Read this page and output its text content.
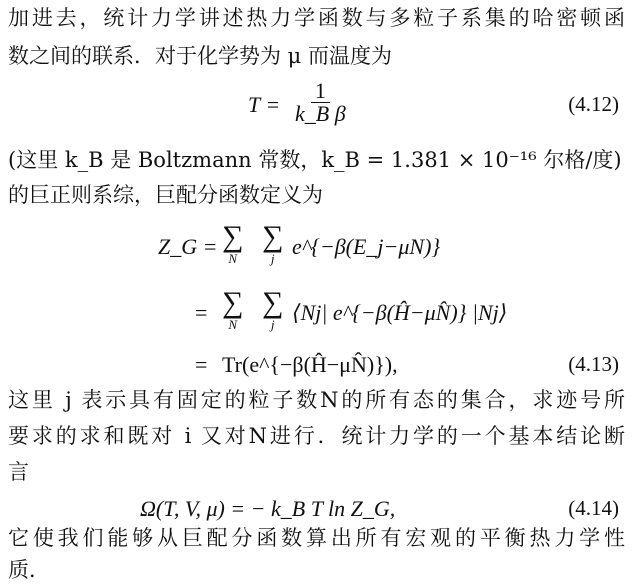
加进去，统计力学讲述热力学函数与多粒子系集的哈密顿函
数之间的联系．对于化学势为 μ 而温度为
$T = \frac{1}{\text{k\_B β}}$	(4.12)
(这里 k_B 是 Boltzmann 常数，k_B = 1.381 × 10⁻¹⁶ 尔格/度)
的巨正则系综，巨配分函数定义为
Z_G = ∑
N
∑
j e^{−β(E_j−μN)}
= ∑
N
∑
j ⟨Nj| e^{−β(Ĥ−μN̂)} |Nj⟩
= Tr(e^{−β(Ĥ−μN̂)}),	(4.13)
这里 j 表示具有固定的粒子数N的所有态的集合，求迹号所
要求的求和既对 i 又对N进行．统计力学的一个基本结论断
言
Ω(T, V, μ) = − k_B T ln Z_G,	(4.14)
它使我们能够从巨配分函数算出所有宏观的平衡热力学性
质．
